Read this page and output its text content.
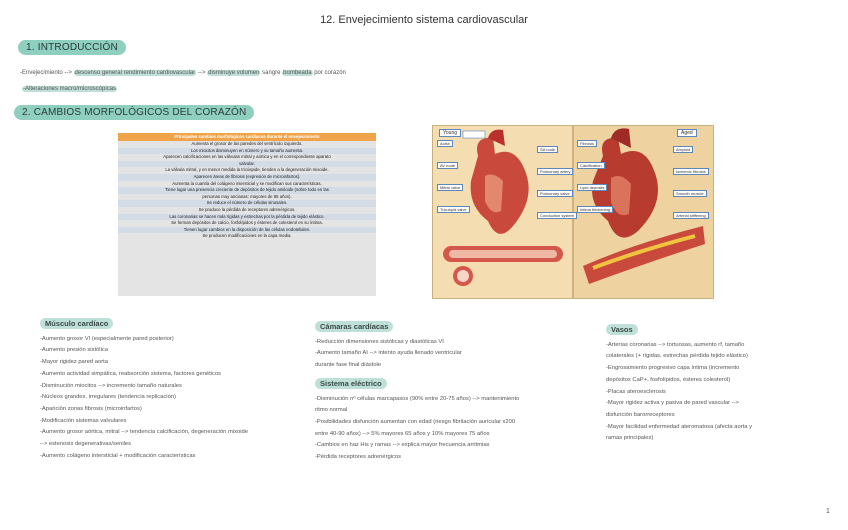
12. Envejecimiento sistema cardiovascular
1. INTRODUCCIÓN
-Envejecimiento --> descenso general rendimiento cardiovascular --> disminuye volumen sangre bombeada por corazón
-Alteraciones macro/microscópicas
2. CAMBIOS MORFOLÓGICOS DEL CORAZÓN
Principales cambios morfológicos cardíacos durante el envejecimiento
Aumenta el grosor de las paredes del ventrículo izquierdo.
Los miocitos disminuyen en número y su tamaño aumenta.
Aparecen calcificaciones en las válvulas mitral y aórtica y en el correspondiente aparato
valvular.
La válvula mitral, y en menor medida la tricúspide, tienden a la degeneración mixoide.
Aparecen áreas de fibrosis (expresión de microinfartos).
Aumenta la cuantía del colágeno intersticial y se modifican sus características.
Tiene lugar una presencia creciente de depósitos de tejido amiloide (sobre todo en las
personas muy ancianas: mayores de 85 años).
Se reduce el número de células sinusales.
Se produce la pérdida de receptores adrenérgicos.
Las coronarias se hacen más rígidas y estrechas por la pérdida de tejido elástico.
Se forman depósitos de calcio, fosfolípidos y ésteres de colesterol en su íntima.
Tienen lugar cambios en la disposición de las células endoteliales.
Se producen modificaciones en la capa media.
Young	Aged
Aorta
SA node
AV node
Pulmonary artery
Mitral valve
Pulmonary valve
Tricuspid valve
Conduction system
Fibrosis
Amyloid
Calcification
Ischemic fibrosis
Lipid deposits
Smooth muscle
Intima thickening
Arterial stiffening
Músculo cardíaco
-Aumento grosor VI (especialmente pared posterior)
-Aumento presión sistólica
-Mayor rigidez pared aorta
-Aumento actividad simpática, reabsorción sistema, factores genéticos
-Disminución miocitos --> incremento tamaño naturales
-Núcleos grandes, irregulares (tendencia replicación)
-Aparición zonas fibrosis (microinfartos)
-Modificación sistemas valvulares
-Aumento grosor aórtica, mitral --> tendencia calcificación, degeneración mixoide
--> estenosis degenerativas/seniles
-Aumento colágeno intersticial + modificación características
Cámaras cardíacas
-Reducción dimensiones sistólicas y diastólicas VI
-Aumento tamaño AI --> intento ayuda llenado ventricular
durante fase final diástole
Sistema eléctrico
-Disminución nº células marcapasos (90% entre 20-75 años) --> mantenimiento
ritmo normal
-Posibilidades disfunción aumentan con edad (riesgo fibrilación auricular x200
entre 40-90 años) --> 5% mayores 65 años y 10% mayores 75 años
-Cambios en haz His y ramas --> explica mayor frecuencia arritmias
-Pérdida receptores adrenérgicos
Vasos
-Arterias coronarias --> tortuosas, aumento rf, tamaño
colaterales (+ rígidas, estrechas pérdida tejido elástico)
-Engrosamiento progresivo capa íntima (incremento
depósitos CaP+, fosfolípidos, ésteres colesterol)
-Placas ateroesclerosis
-Mayor rigidez activa y pasiva de pared vascular -->
disfunción barorreceptores
-Mayor facilidad enfermedad ateromatosa (afecta aorta y
ramas principales)
1
